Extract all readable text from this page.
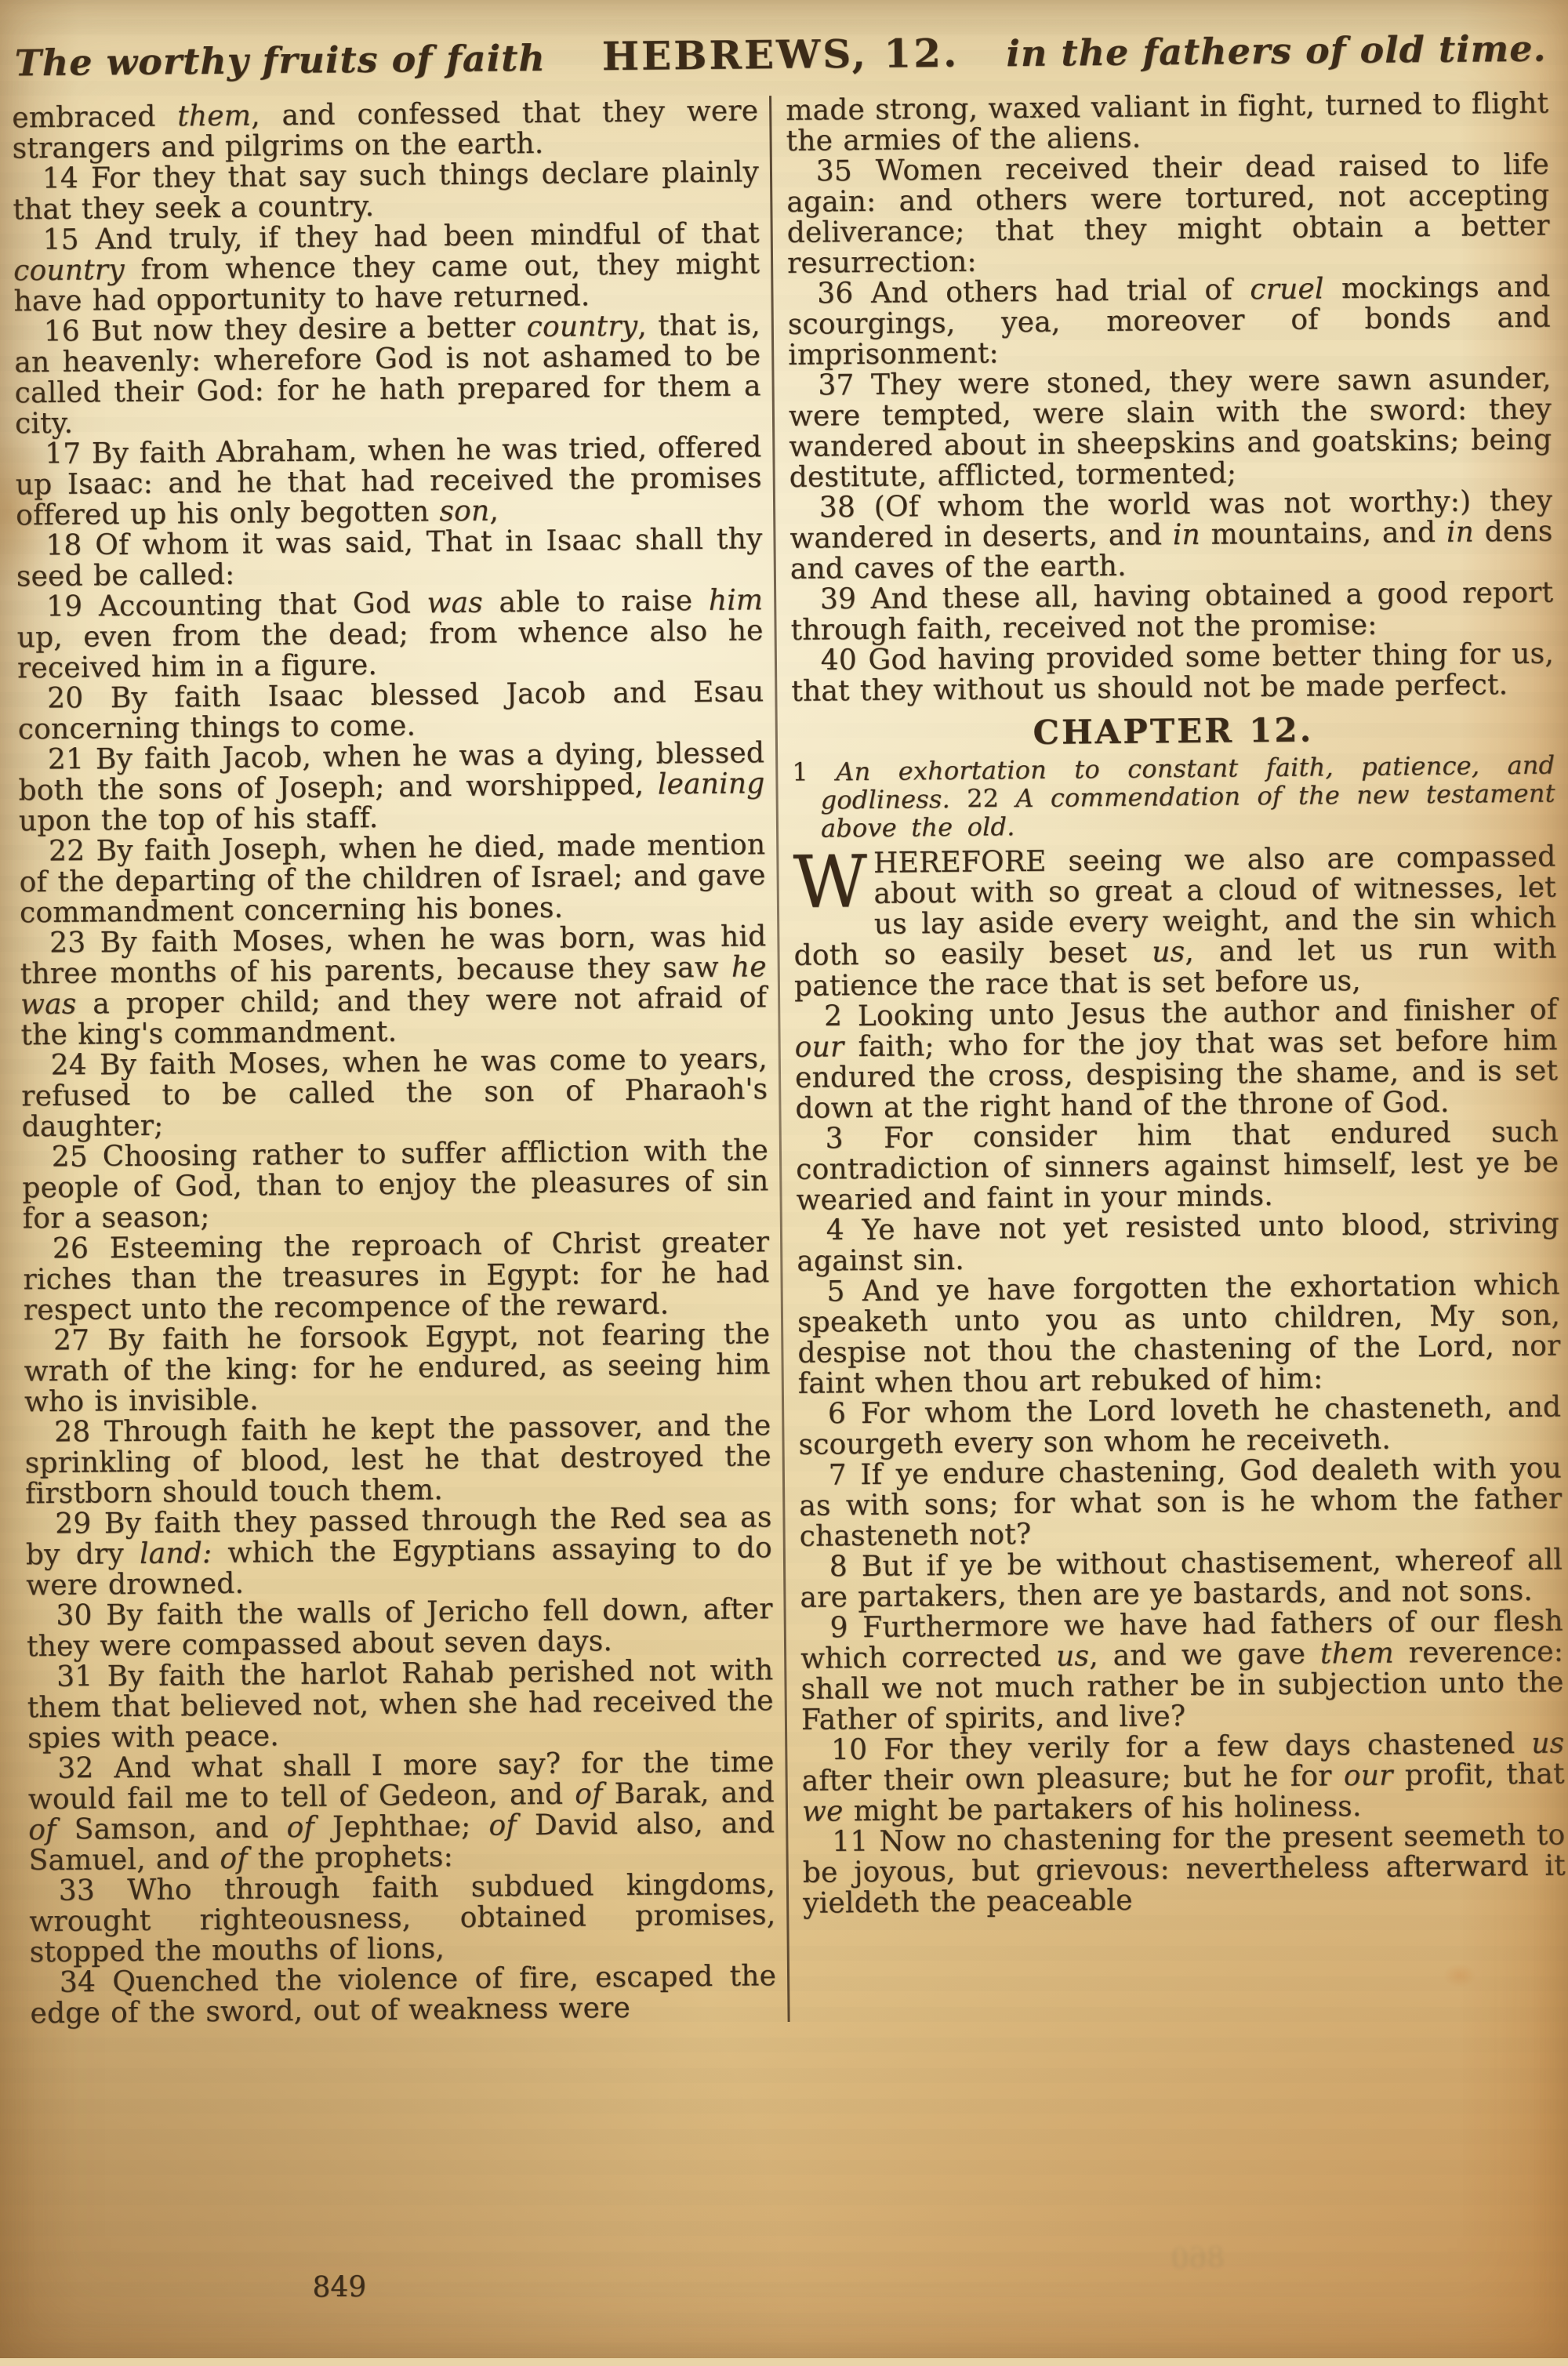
The worthy fruits of faith	HEBREWS, 12.	in the fathers of old time.

embraced them, and confessed that they were strangers and pilgrims on the earth.

14 For they that say such things declare plainly that they seek a country.

15 And truly, if they had been mindful of that country from whence they came out, they might have had opportunity to have returned.

16 But now they desire a better country, that is, an heavenly: wherefore God is not ashamed to be called their God: for he hath prepared for them a city.

17 By faith Abraham, when he was tried, offered up Isaac: and he that had received the promises offered up his only begotten son,

18 Of whom it was said, That in Isaac shall thy seed be called:

19 Accounting that God was able to raise him up, even from the dead; from whence also he received him in a figure.

20 By faith Isaac blessed Jacob and Esau concerning things to come.

21 By faith Jacob, when he was a dying, blessed both the sons of Joseph; and worshipped, leaning upon the top of his staff.

22 By faith Joseph, when he died, made mention of the departing of the children of Israel; and gave commandment concerning his bones.

23 By faith Moses, when he was born, was hid three months of his parents, because they saw he was a proper child; and they were not afraid of the king's commandment.

24 By faith Moses, when he was come to years, refused to be called the son of Pharaoh's daughter;

25 Choosing rather to suffer affliction with the people of God, than to enjoy the pleasures of sin for a season;

26 Esteeming the reproach of Christ greater riches than the treasures in Egypt: for he had respect unto the recompence of the reward.

27 By faith he forsook Egypt, not fearing the wrath of the king: for he endured, as seeing him who is invisible.

28 Through faith he kept the passover, and the sprinkling of blood, lest he that destroyed the firstborn should touch them.

29 By faith they passed through the Red sea as by dry land: which the Egyptians assaying to do were drowned.

30 By faith the walls of Jericho fell down, after they were compassed about seven days.

31 By faith the harlot Rahab perished not with them that believed not, when she had received the spies with peace.

32 And what shall I more say? for the time would fail me to tell of Gedeon, and of Barak, and of Samson, and of Jephthae; of David also, and Samuel, and of the prophets:

33 Who through faith subdued kingdoms, wrought righteousness, obtained promises, stopped the mouths of lions,

34 Quenched the violence of fire, escaped the edge of the sword, out of weakness were

made strong, waxed valiant in fight, turned to flight the armies of the aliens.

35 Women received their dead raised to life again: and others were tortured, not accepting deliverance; that they might obtain a better resurrection:

36 And others had trial of cruel mockings and scourgings, yea, moreover of bonds and imprisonment:

37 They were stoned, they were sawn asunder, were tempted, were slain with the sword: they wandered about in sheepskins and goatskins; being destitute, afflicted, tormented;

38 (Of whom the world was not worthy:) they wandered in deserts, and in mountains, and in dens and caves of the earth.

39 And these all, having obtained a good report through faith, received not the promise:

40 God having provided some better thing for us, that they without us should not be made perfect.

CHAPTER 12.

1 An exhortation to constant faith, patience, and godliness. 22 A commendation of the new testament above the old.

WHEREFORE seeing we also are compassed about with so great a cloud of witnesses, let us lay aside every weight, and the sin which doth so easily beset us, and let us run with patience the race that is set before us,

2 Looking unto Jesus the author and finisher of our faith; who for the joy that was set before him endured the cross, despising the shame, and is set down at the right hand of the throne of God.

3 For consider him that endured such contradiction of sinners against himself, lest ye be wearied and faint in your minds.

4 Ye have not yet resisted unto blood, striving against sin.

5 And ye have forgotten the exhortation which speaketh unto you as unto children, My son, despise not thou the chastening of the Lord, nor faint when thou art rebuked of him:

6 For whom the Lord loveth he chasteneth, and scourgeth every son whom he receiveth.

7 If ye endure chastening, God dealeth with you as with sons; for what son is he whom the father chasteneth not?

8 But if ye be without chastisement, whereof all are partakers, then are ye bastards, and not sons.

9 Furthermore we have had fathers of our flesh which corrected us, and we gave them reverence: shall we not much rather be in subjection unto the Father of spirits, and live?

10 For they verily for a few days chastened us after their own pleasure; but he for our profit, that we might be partakers of his holiness.

11 Now no chastening for the present seemeth to be joyous, but grievous: nevertheless afterward it yieldeth the peaceable

849
860
